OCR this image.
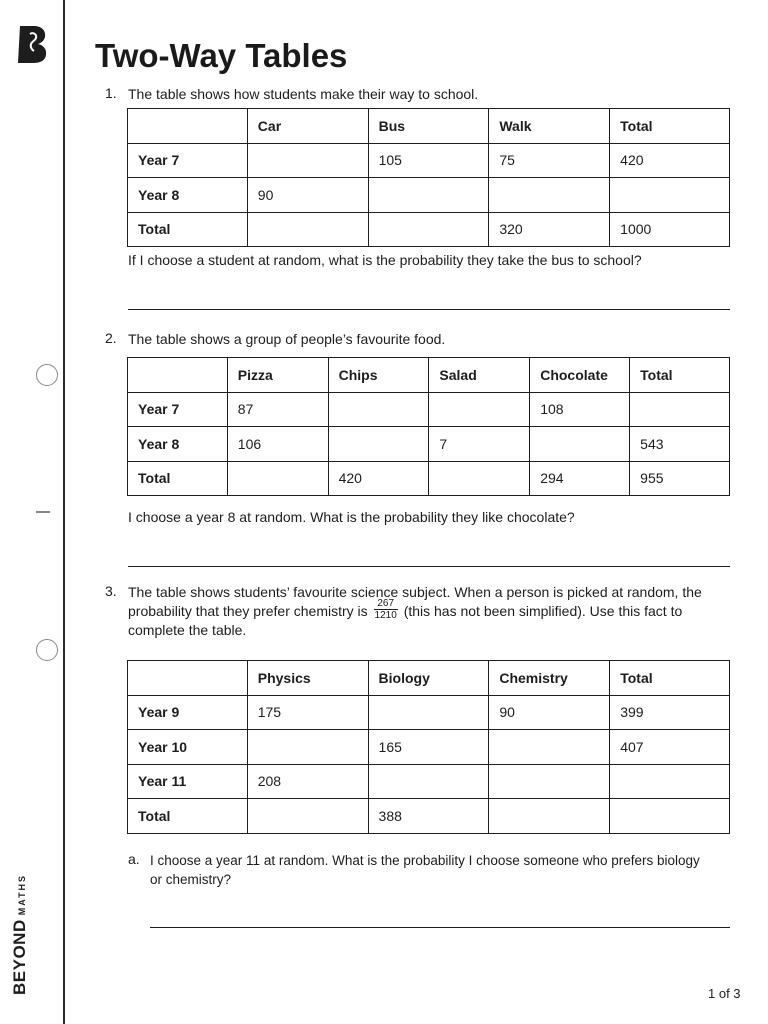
BEYONDMATHS
Two-Way Tables
1. The table shows how students make their way to school.
	Car	Bus	Walk	Total
Year 7		105	75	420
Year 8	90			
Total			320	1000
If I choose a student at random, what is the probability they take the bus to school?
2. The table shows a group of people’s favourite food.
	Pizza	Chips	Salad	Chocolate	Total
Year 7	87			108	
Year 8	106		7		543
Total		420		294	955
I choose a year 8 at random. What is the probability they like chocolate?
3. The table shows students’ favourite science subject. When a person is picked at random, the
probability that they prefer chemistry is $\frac{267}{1210}$ (this has not been simplified). Use this fact to
complete the table.
	Physics	Biology	Chemistry	Total
Year 9	175		90	399
Year 10		165		407
Year 11	208			
Total		388		
a. I choose a year 11 at random. What is the probability I choose someone who prefers biology
or chemistry?
1 of 3
